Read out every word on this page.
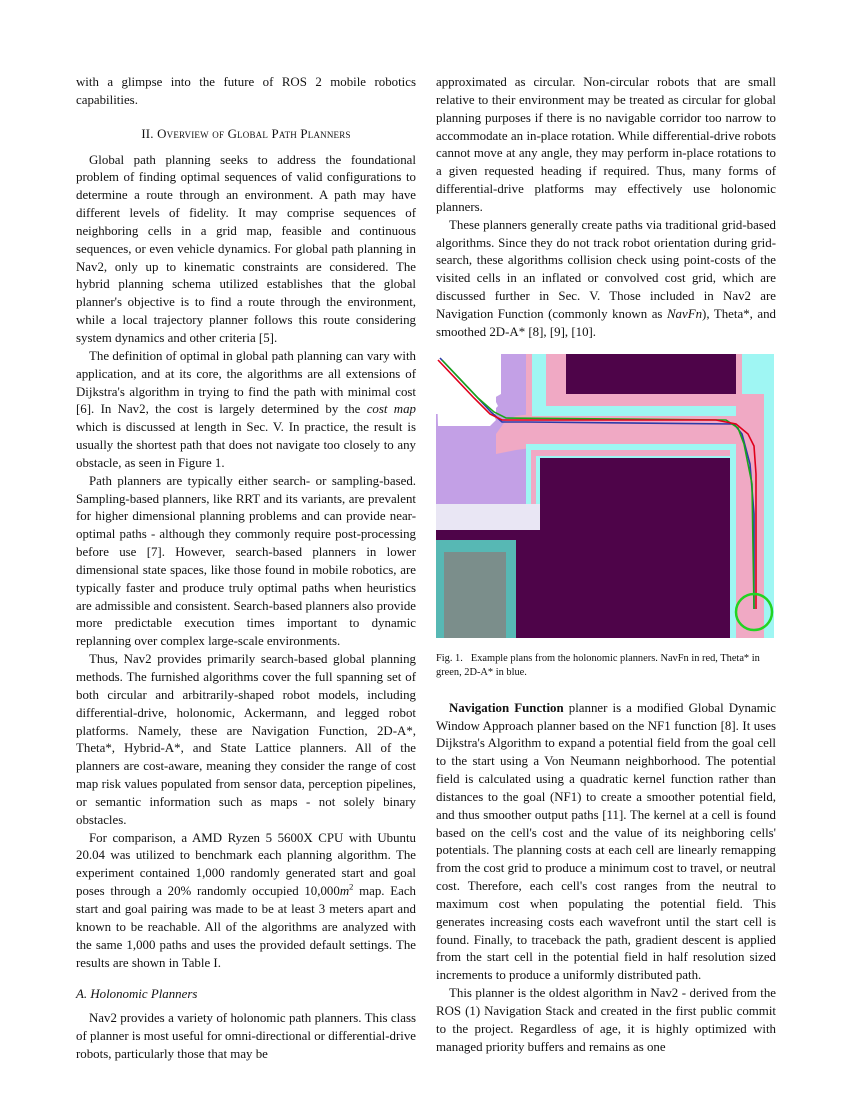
with a glimpse into the future of ROS 2 mobile robotics capabilities.

II. Overview of Global Path Planners

Global path planning seeks to address the foundational problem of finding optimal sequences of valid configurations to determine a route through an environment. A path may have different levels of fidelity. It may comprise sequences of neighboring cells in a grid map, feasible and continuous sequences, or even vehicle dynamics. For global path planning in Nav2, only up to kinematic constraints are considered. The hybrid planning schema utilized establishes that the global planner's objective is to find a route through the environment, while a local trajectory planner follows this route considering system dynamics and other criteria [5].

The definition of optimal in global path planning can vary with application, and at its core, the algorithms are all extensions of Dijkstra's algorithm in trying to find the path with minimal cost [6]. In Nav2, the cost is largely determined by the cost map which is discussed at length in Sec. V. In practice, the result is usually the shortest path that does not navigate too closely to any obstacle, as seen in Figure 1.

Path planners are typically either search- or sampling-based. Sampling-based planners, like RRT and its variants, are prevalent for higher dimensional planning problems and can provide near-optimal paths - although they commonly require post-processing before use [7]. However, search-based planners in lower dimensional state spaces, like those found in mobile robotics, are typically faster and produce truly optimal paths when heuristics are admissible and consistent. Search-based planners also provide more predictable execution times important to dynamic replanning over complex large-scale environments.

Thus, Nav2 provides primarily search-based global planning methods. The furnished algorithms cover the full spanning set of both circular and arbitrarily-shaped robot models, including differential-drive, holonomic, Ackermann, and legged robot platforms. Namely, these are Navigation Function, 2D-A*, Theta*, Hybrid-A*, and State Lattice planners. All of the planners are cost-aware, meaning they consider the range of cost map risk values populated from sensor data, perception pipelines, or semantic information such as maps - not solely binary obstacles.

For comparison, a AMD Ryzen 5 5600X CPU with Ubuntu 20.04 was utilized to benchmark each planning algorithm. The experiment contained 1,000 randomly generated start and goal poses through a 20% randomly occupied $10,000m^2$ map. Each start and goal pairing was made to be at least 3 meters apart and known to be reachable. All of the algorithms are analyzed with the same 1,000 paths and uses the provided default settings. The results are shown in Table I.

A. Holonomic Planners

Nav2 provides a variety of holonomic path planners. This class of planner is most useful for omni-directional or differential-drive robots, particularly those that may be

approximated as circular. Non-circular robots that are small relative to their environment may be treated as circular for global planning purposes if there is no navigable corridor too narrow to accommodate an in-place rotation. While differential-drive robots cannot move at any angle, they may perform in-place rotations to a given requested heading if required. Thus, many forms of differential-drive platforms may effectively use holonomic planners.

These planners generally create paths via traditional grid-based algorithms. Since they do not track robot orientation during grid-search, these algorithms collision check using point-costs of the visited cells in an inflated or convolved cost grid, which are discussed further in Sec. V. Those included in Nav2 are Navigation Function (commonly known as NavFn), Theta*, and smoothed 2D-A* [8], [9], [10].

Fig. 1. Example plans from the holonomic planners. NavFn in red, Theta* in green, 2D-A* in blue.

Navigation Function planner is a modified Global Dynamic Window Approach planner based on the NF1 function [8]. It uses Dijkstra's Algorithm to expand a potential field from the goal cell to the start using a Von Neumann neighborhood. The potential field is calculated using a quadratic kernel function rather than distances to the goal (NF1) to create a smoother potential field, and thus smoother output paths [11]. The kernel at a cell is found based on the cell's cost and the value of its neighboring cells' potentials. The planning costs at each cell are linearly remapping from the cost grid to produce a minimum cost to travel, or neutral cost. Therefore, each cell's cost ranges from the neutral to maximum cost when populating the potential field. This generates increasing costs each wavefront until the start cell is found. Finally, to traceback the path, gradient descent is applied from the start cell in the potential field in half resolution sized increments to produce a uniformly distributed path.

This planner is the oldest algorithm in Nav2 - derived from the ROS (1) Navigation Stack and created in the first public commit to the project. Regardless of age, it is highly optimized with managed priority buffers and remains as one
